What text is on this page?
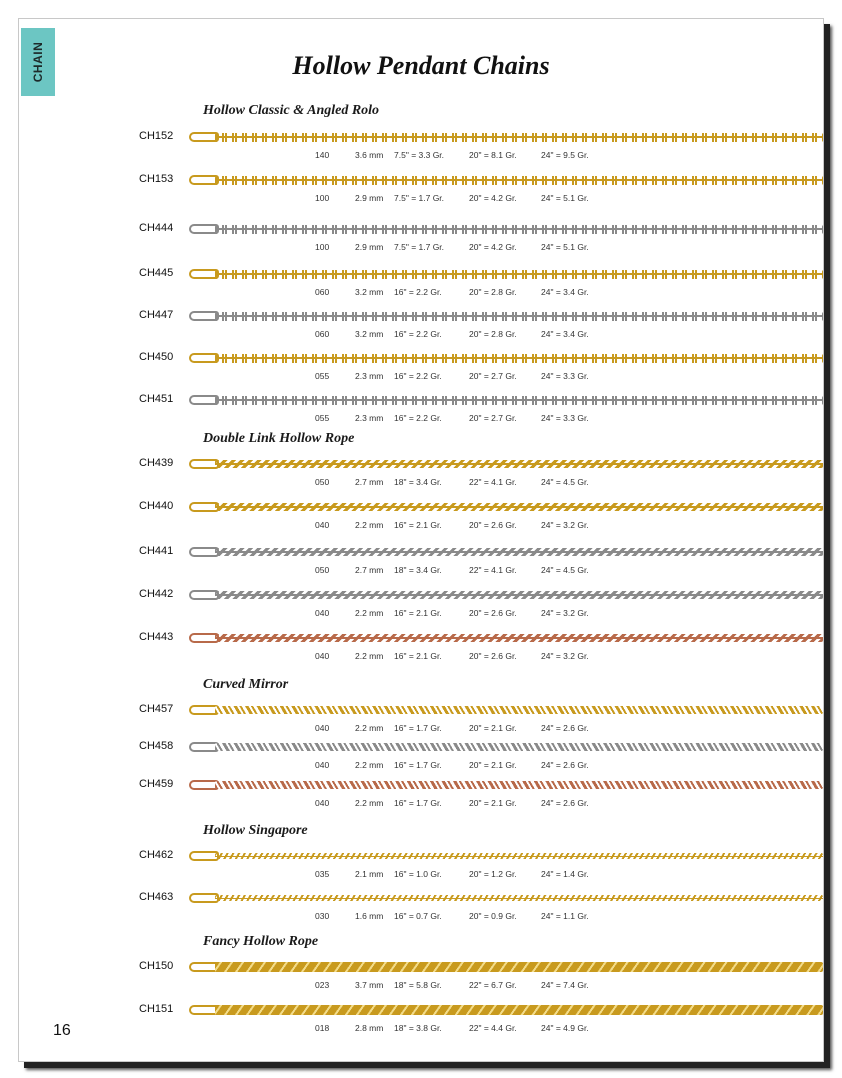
CHAIN	Hollow Pendant Chains
Hollow Classic & Angled Rolo
CH152
140	3.6 mm 7.5" = 3.3 Gr.	20" = 8.1 Gr.	24" = 9.5 Gr.
CH153
100	2.9 mm 7.5" = 1.7 Gr.	20" = 4.2 Gr.	24" = 5.1 Gr.
CH444
100	2.9 mm 7.5" = 1.7 Gr.	20" = 4.2 Gr.	24" = 5.1 Gr.
CH445
060	3.2 mm 16" = 2.2 Gr.	20" = 2.8 Gr.	24" = 3.4 Gr.
CH447
060	3.2 mm 16" = 2.2 Gr.	20" = 2.8 Gr.	24" = 3.4 Gr.
CH450
055	2.3 mm 16" = 2.2 Gr.	20" = 2.7 Gr.	24" = 3.3 Gr.
CH451
055	2.3 mm 16" = 2.2 Gr.	20" = 2.7 Gr.	24" = 3.3 Gr.
Double Link Hollow Rope
CH439
050	2.7 mm 18" = 3.4 Gr.	22" = 4.1 Gr.	24" = 4.5 Gr.
CH440
040	2.2 mm 16" = 2.1 Gr.	20" = 2.6 Gr.	24" = 3.2 Gr.
CH441
050	2.7 mm 18" = 3.4 Gr.	22" = 4.1 Gr.	24" = 4.5 Gr.
CH442
040	2.2 mm 16" = 2.1 Gr.	20" = 2.6 Gr.	24" = 3.2 Gr.
CH443
040	2.2 mm 16" = 2.1 Gr.	20" = 2.6 Gr.	24" = 3.2 Gr.
Curved Mirror
CH457
040	2.2 mm 16" = 1.7 Gr.	20" = 2.1 Gr.	24" = 2.6 Gr.
CH458
040	2.2 mm 16" = 1.7 Gr.	20" = 2.1 Gr.	24" = 2.6 Gr.
CH459
040	2.2 mm 16" = 1.7 Gr.	20" = 2.1 Gr.	24" = 2.6 Gr.
Hollow Singapore
CH462
035	2.1 mm 16" = 1.0 Gr.	20" = 1.2 Gr.	24" = 1.4 Gr.
CH463
030	1.6 mm 16" = 0.7 Gr.	20" = 0.9 Gr.	24" = 1.1 Gr.
Fancy Hollow Rope
CH150
023	3.7 mm 18" = 5.8 Gr.	22" = 6.7 Gr.	24" = 7.4 Gr.
CH151
018	2.8 mm 18" = 3.8 Gr.	22" = 4.4 Gr.	24" = 4.9 Gr.
16
